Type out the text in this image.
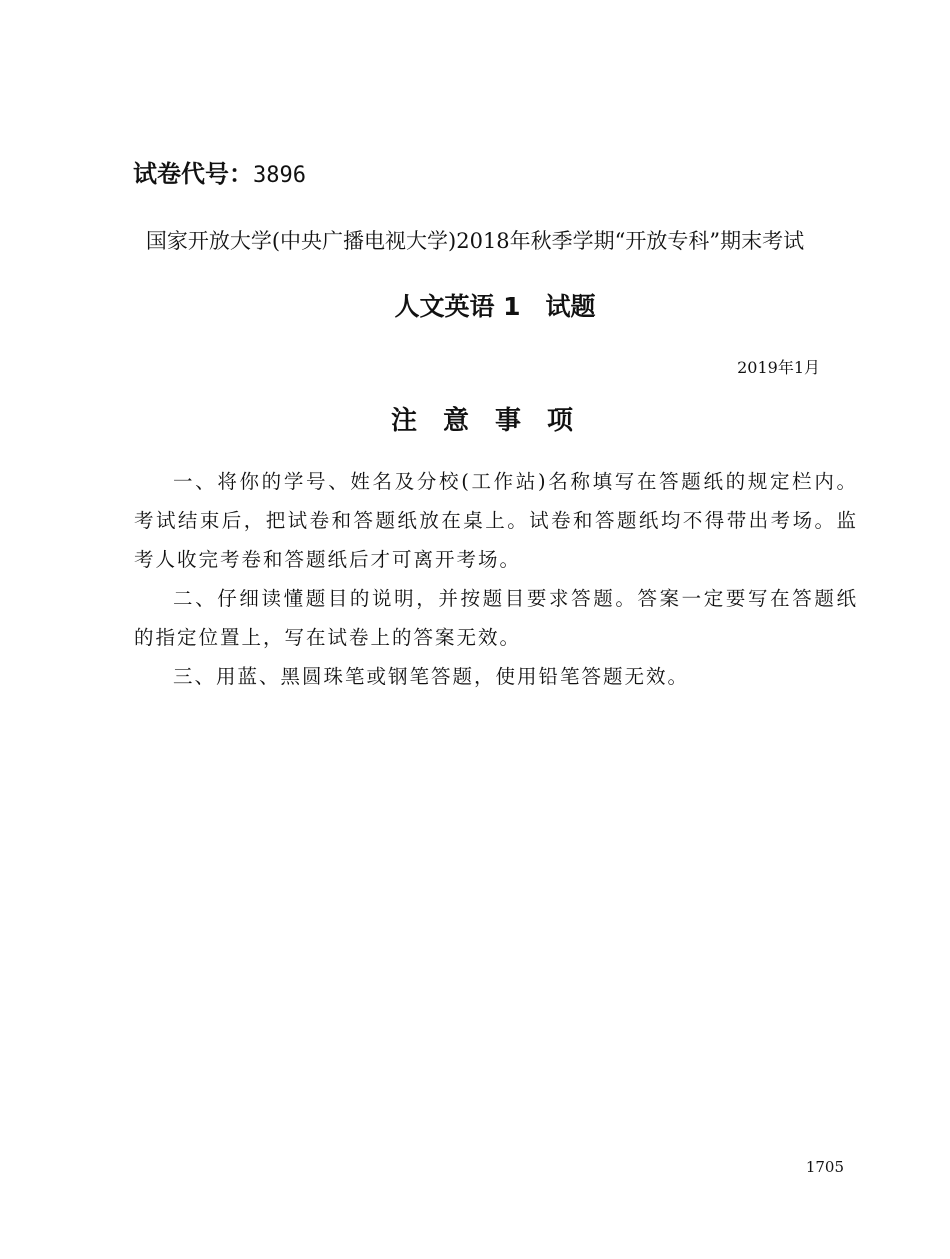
试卷代号：3896
国家开放大学(中央广播电视大学)2018年秋季学期“开放专科”期末考试
人文英语 1　试题
2019年1月
注意事项

一、将你的学号、姓名及分校(工作站)名称填写在答题纸的规定栏内。考试结束后，把试卷和答题纸放在桌上。试卷和答题纸均不得带出考场。监考人收完考卷和答题纸后才可离开考场。

二、仔细读懂题目的说明，并按题目要求答题。答案一定要写在答题纸的指定位置上，写在试卷上的答案无效。

三、用蓝、黑圆珠笔或钢笔答题，使用铅笔答题无效。

1705
